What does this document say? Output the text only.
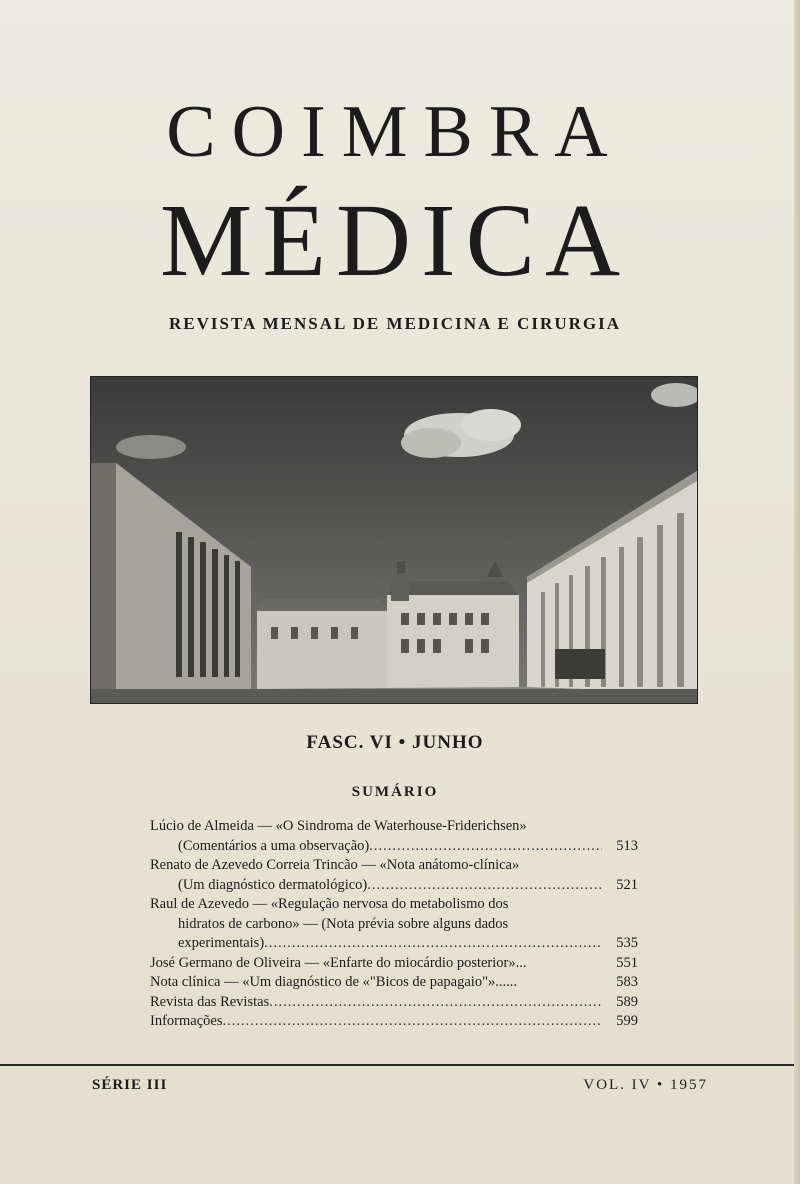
COIMBRA
MÉDICA
REVISTA MENSAL DE MEDICINA E CIRURGIA
FASC. VI • JUNHO
SUMÁRIO
Lúcio de Almeida — «O Sindroma de Waterhouse-Friderichsen»
(Comentários a uma observação) .....	513
Renato de Azevedo Correia Trincão — «Nota anátomo-clínica»
(Um diagnóstico dermatológico) .....	521
Raul de Azevedo — «Regulação nervosa do metabolismo dos
hidratos de carbono» — (Nota prévia sobre alguns dados
experimentais) .....	535
José Germano de Oliveira — «Enfarte do miocárdio posterior»...	551
Nota clínica — «Um diagnóstico de «"Bicos de papagaio"»......	583
Revista das Revistas .....	589
Informações .....	599
SÉRIE III	VOL. IV • 1957
